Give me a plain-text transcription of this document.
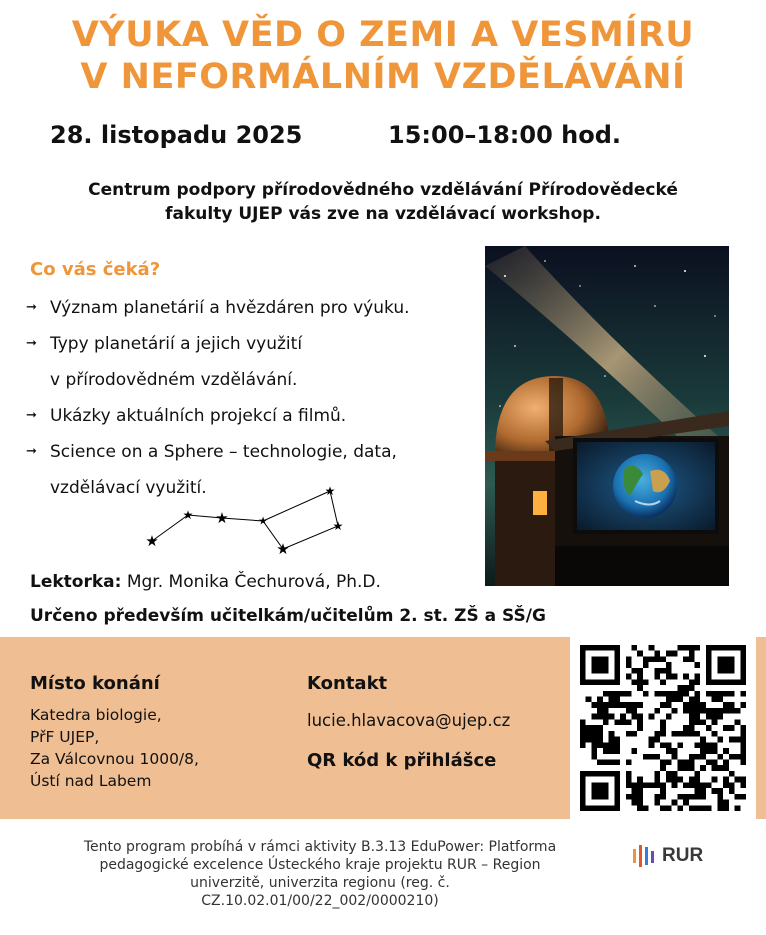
VÝUKA VĚD O ZEMI A VESMÍRU
V NEFORMÁLNÍM VZDĚLÁVÁNÍ
28. listopadu 2025	15:00–18:00 hod.
Centrum podpory přírodovědného vzdělávání Přírodovědecké
fakulty UJEP vás zve na vzdělávací workshop.
Co vás čeká?
➞ Význam planetárií a hvězdáren pro výuku.
➞ Typy planetárií a jejich využití
v přírodovědném vzdělávání.
➞ Ukázky aktuálních projekcí a filmů.
➞ Science on a Sphere – technologie, data,
vzdělávací využití.
★
★ ★	★
★
★
★
Lektorka: Mgr. Monika Čechurová, Ph.D.
Určeno především učitelkám/učitelům 2. st. ZŠ a SŠ/G
Místo konání
Katedra biologie,
PřF UJEP,
Za Válcovnou 1000/8,
Ústí nad Labem
Kontakt
lucie.hlavacova@ujep.cz
QR kód k přihlášce
Tento program probíhá v rámci aktivity B.3.13 EduPower: Platforma
pedagogické excelence Ústeckého kraje projektu RUR – Region
univerzitě, univerzita regionu (reg. č.
CZ.10.02.01/00/22_002/0000210)
RUR
